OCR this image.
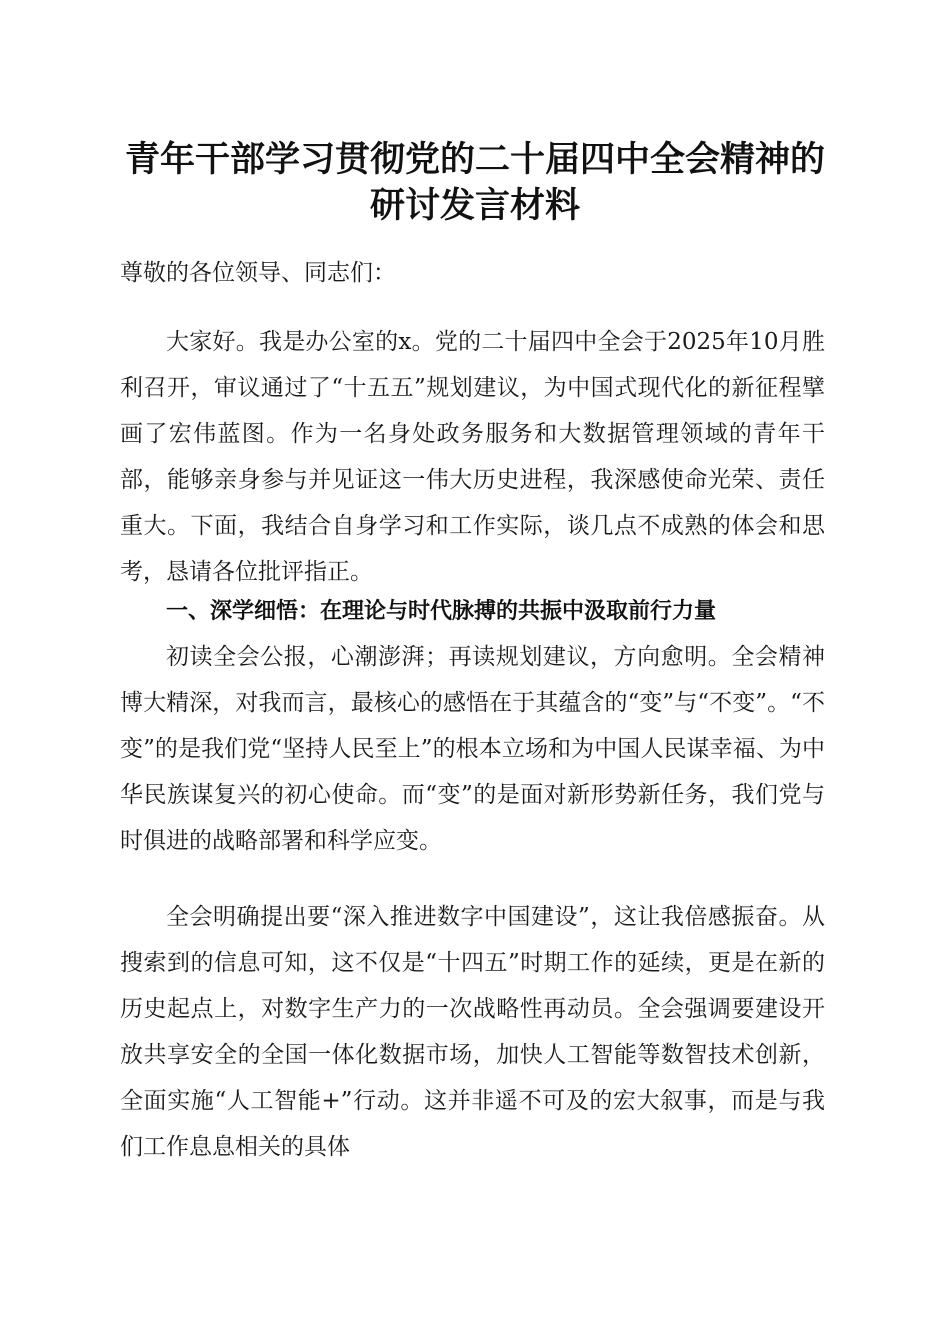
青年干部学习贯彻党的二十届四中全会精神的
研讨发言材料
尊敬的各位领导、同志们：
大家好。我是办公室的x。党的二十届四中全会于2025年10月胜利召开，审议通过了“十五五”规划建议，为中国式现代化的新征程擘画了宏伟蓝图。作为一名身处政务服务和大数据管理领域的青年干部，能够亲身参与并见证这一伟大历史进程，我深感使命光荣、责任重大。下面，我结合自身学习和工作实际，谈几点不成熟的体会和思考，恳请各位批评指正。
一、深学细悟：在理论与时代脉搏的共振中汲取前行力量
初读全会公报，心潮澎湃；再读规划建议，方向愈明。全会精神博大精深，对我而言，最核心的感悟在于其蕴含的“变”与“不变”。“不变”的是我们党“坚持人民至上”的根本立场和为中国人民谋幸福、为中华民族谋复兴的初心使命。而“变”的是面对新形势新任务，我们党与时俱进的战略部署和科学应变。
全会明确提出要“深入推进数字中国建设”，这让我倍感振奋。从搜索到的信息可知，这不仅是“十四五”时期工作的延续，更是在新的历史起点上，对数字生产力的一次战略性再动员。全会强调要建设开放共享安全的全国一体化数据市场，加快人工智能等数智技术创新，全面实施“人工智能+”行动。这并非遥不可及的宏大叙事，而是与我们工作息息相关的具体
